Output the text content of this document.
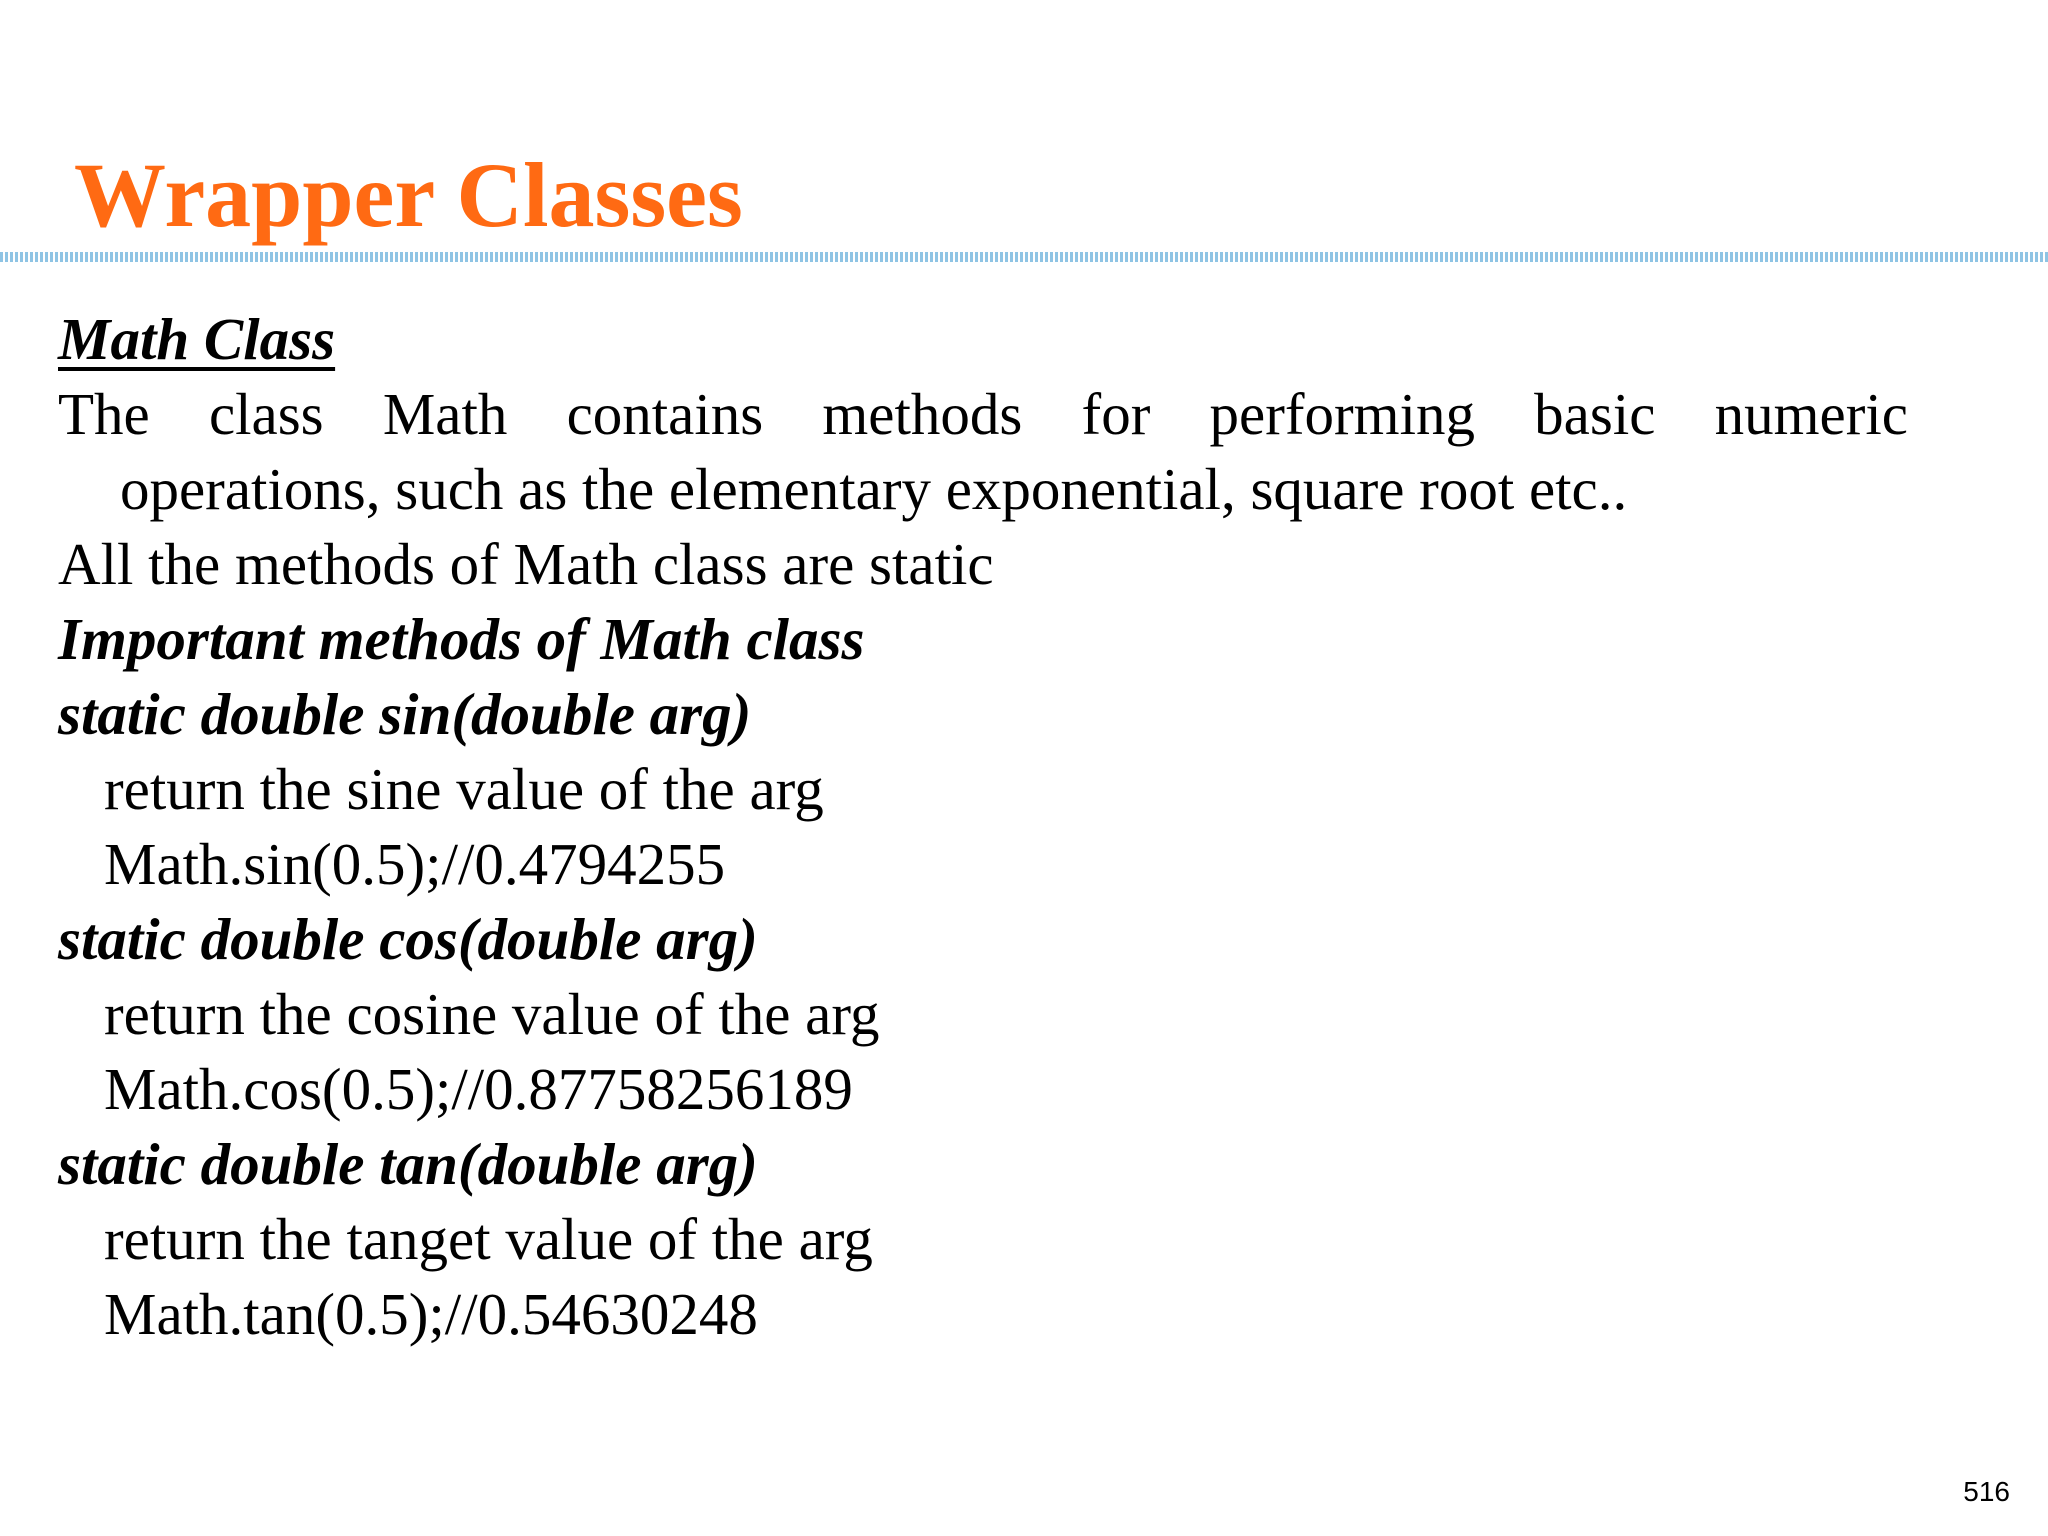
Wrapper Classes
Math Class
The class Math contains methods for performing basic numeric
operations, such as the elementary exponential, square root etc..
All the methods of Math class are static
Important methods of Math class
static double sin(double arg)
return the sine value of the arg
Math.sin(0.5);//0.4794255
static double cos(double arg)
return the cosine value of the arg
Math.cos(0.5);//0.87758256189
static double tan(double arg)
return the tanget value of the arg
Math.tan(0.5);//0.54630248
516
